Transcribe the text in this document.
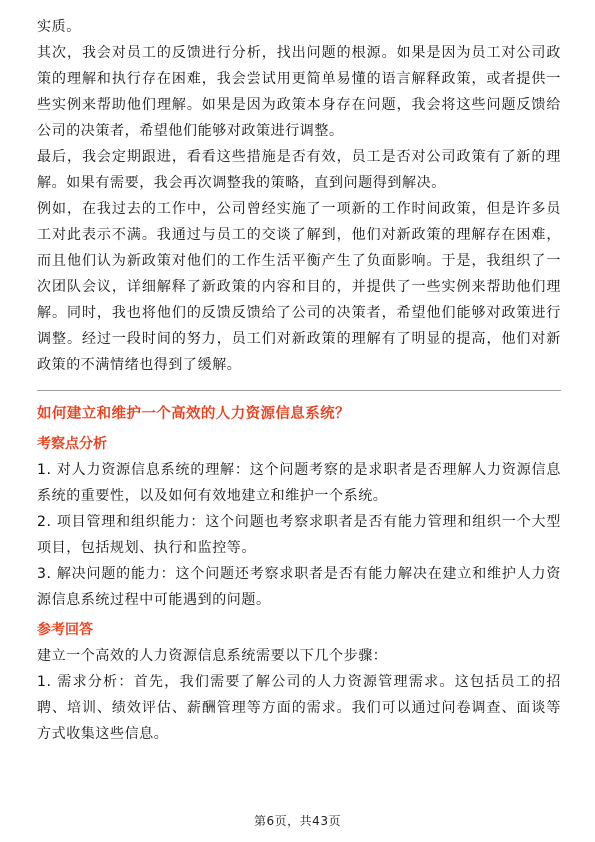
实质。

其次，我会对员工的反馈进行分析，找出问题的根源。如果是因为员工对公司政策的理解和执行存在困难，我会尝试用更简单易懂的语言解释政策，或者提供一些实例来帮助他们理解。如果是因为政策本身存在问题，我会将这些问题反馈给公司的决策者，希望他们能够对政策进行调整。

最后，我会定期跟进，看看这些措施是否有效，员工是否对公司政策有了新的理解。如果有需要，我会再次调整我的策略，直到问题得到解决。

例如，在我过去的工作中，公司曾经实施了一项新的工作时间政策，但是许多员工对此表示不满。我通过与员工的交谈了解到，他们对新政策的理解存在困难，而且他们认为新政策对他们的工作生活平衡产生了负面影响。于是，我组织了一次团队会议，详细解释了新政策的内容和目的，并提供了一些实例来帮助他们理解。同时，我也将他们的反馈反馈给了公司的决策者，希望他们能够对政策进行调整。经过一段时间的努力，员工们对新政策的理解有了明显的提高，他们对新政策的不满情绪也得到了缓解。

如何建立和维护一个高效的人力资源信息系统？

考察点分析

1. 对人力资源信息系统的理解：这个问题考察的是求职者是否理解人力资源信息系统的重要性，以及如何有效地建立和维护一个系统。

2. 项目管理和组织能力：这个问题也考察求职者是否有能力管理和组织一个大型项目，包括规划、执行和监控等。

3. 解决问题的能力：这个问题还考察求职者是否有能力解决在建立和维护人力资源信息系统过程中可能遇到的问题。

参考回答

建立一个高效的人力资源信息系统需要以下几个步骤：

1. 需求分析：首先，我们需要了解公司的人力资源管理需求。这包括员工的招聘、培训、绩效评估、薪酬管理等方面的需求。我们可以通过问卷调查、面谈等方式收集这些信息。

第6页，共43页
